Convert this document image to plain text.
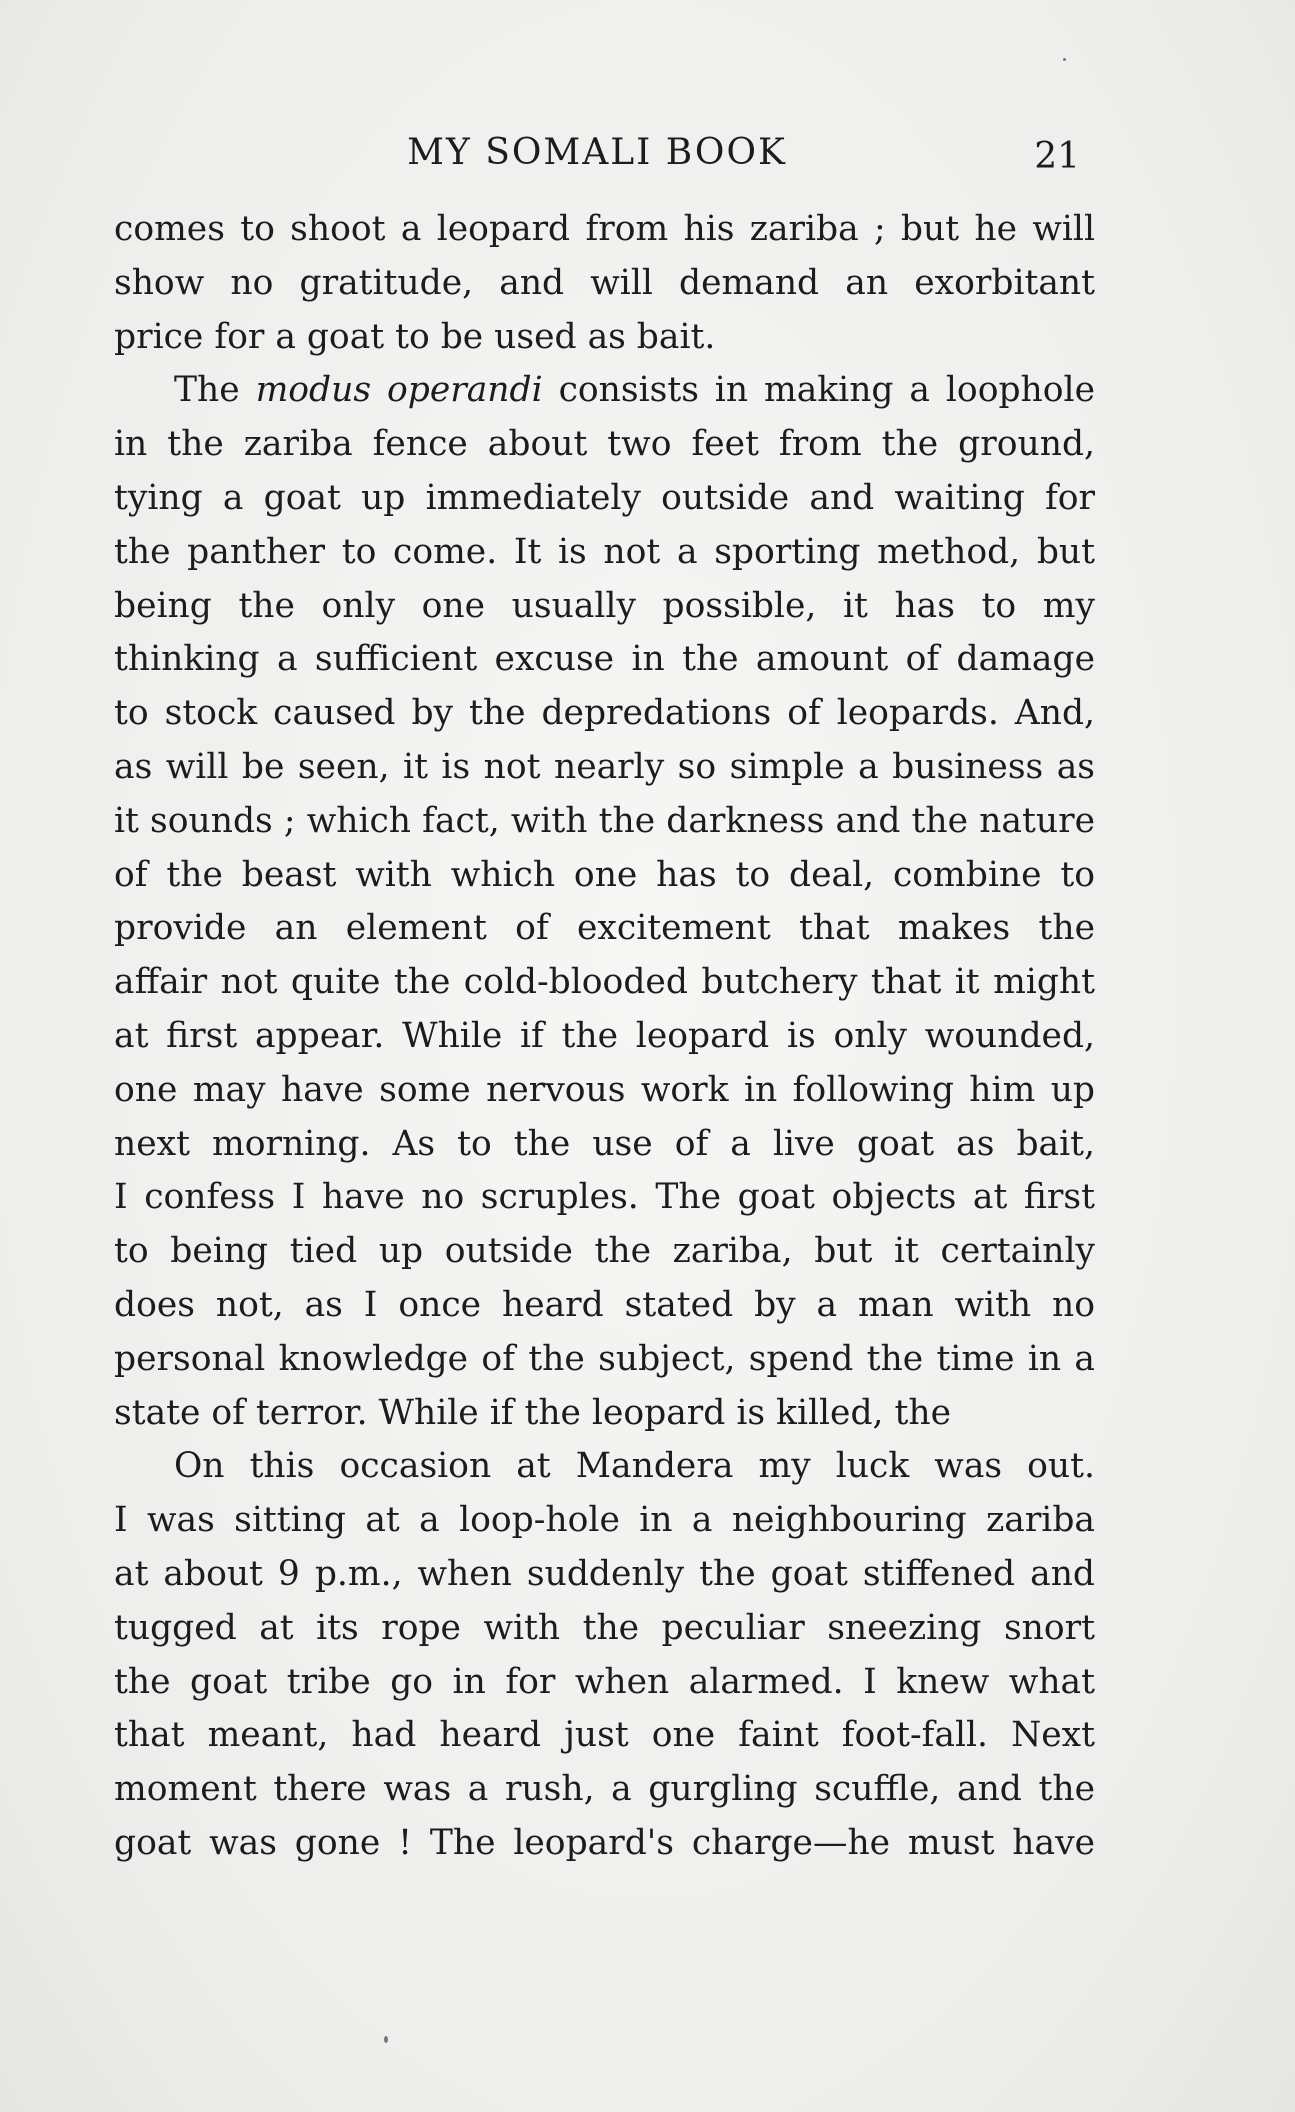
MY SOMALI BOOK	21
comes to shoot a leopard from his zariba ; but he will
show no gratitude, and will demand an exorbitant
price for a goat to be used as bait.
The modus operandi consists in making a loophole
in the zariba fence about two feet from the ground,
tying a goat up immediately outside and waiting for
the panther to come. It is not a sporting method, but
being the only one usually possible, it has to my
thinking a sufficient excuse in the amount of damage
to stock caused by the depredations of leopards. And,
as will be seen, it is not nearly so simple a business as
it sounds ; which fact, with the darkness and the nature
of the beast with which one has to deal, combine to
provide an element of excitement that makes the
affair not quite the cold-blooded butchery that it might
at first appear. While if the leopard is only wounded,
one may have some nervous work in following him up
next morning. As to the use of a live goat as bait,
I confess I have no scruples. The goat objects at first
to being tied up outside the zariba, but it certainly
does not, as I once heard stated by a man with no
personal knowledge of the subject, spend the time in a
state of terror. While if the leopard is killed, the
On this occasion at Mandera my luck was out.
I was sitting at a loop-hole in a neighbouring zariba
at about 9 p.m., when suddenly the goat stiffened and
tugged at its rope with the peculiar sneezing snort
the goat tribe go in for when alarmed. I knew what
that meant, had heard just one faint foot-fall. Next
moment there was a rush, a gurgling scuffle, and the
goat was gone ! The leopard's charge—he must have
